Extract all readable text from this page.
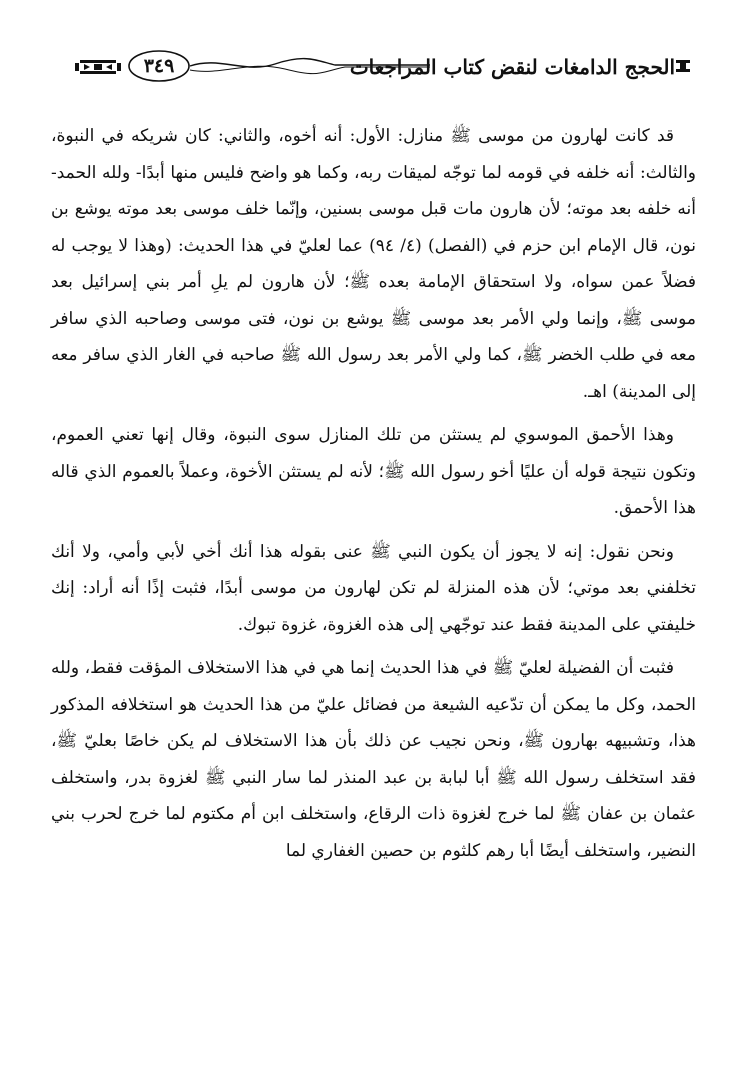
٣٤٩	الحجج الدامغات لنقض كتاب المراجعات

قد كانت لهارون من موسى ﷺ منازل: الأول: أنه أخوه، والثاني: كان شريكه في النبوة، والثالث: أنه خلفه في قومه لما توجّه لميقات ربه، وكما هو واضح فليس منها أبدًا- ولله الحمد- أنه خلفه بعد موته؛ لأن هارون مات قبل موسى بسنين، وإنّما خلف موسى بعد موته يوشع بن نون، قال الإمام ابن حزم في (الفصل) (٤/ ٩٤) عما لعليّ في هذا الحديث: (وهذا لا يوجب له فضلاً عمن سواه، ولا استحقاق الإمامة بعده ﷺ؛ لأن هارون لم يلِ أمر بني إسرائيل بعد موسى ﷺ، وإنما ولي الأمر بعد موسى ﷺ يوشع بن نون، فتى موسى وصاحبه الذي سافر معه في طلب الخضر ﷺ، كما ولي الأمر بعد رسول الله ﷺ صاحبه في الغار الذي سافر معه إلى المدينة) اهـ.

وهذا الأحمق الموسوي لم يستثن من تلك المنازل سوى النبوة، وقال إنها تعني العموم، وتكون نتيجة قوله أن عليًا أخو رسول الله ﷺ؛ لأنه لم يستثن الأخوة، وعملاً بالعموم الذي قاله هذا الأحمق.

ونحن نقول: إنه لا يجوز أن يكون النبي ﷺ عنى بقوله هذا أنك أخي لأبي وأمي، ولا أنك تخلفني بعد موتي؛ لأن هذه المنزلة لم تكن لهارون من موسى أبدًا، فثبت إذًا أنه أراد: إنك خليفتي على المدينة فقط عند توجّهي إلى هذه الغزوة، غزوة تبوك.

فثبت أن الفضيلة لعليّ ﷺ في هذا الحديث إنما هي في هذا الاستخلاف المؤقت فقط، ولله الحمد، وكل ما يمكن أن تدّعيه الشيعة من فضائل عليّ من هذا الحديث هو استخلافه المذكور هذا، وتشبيهه بهارون ﷺ، ونحن نجيب عن ذلك بأن هذا الاستخلاف لم يكن خاصًا بعليّ ﷺ، فقد استخلف رسول الله ﷺ أبا لبابة بن عبد المنذر لما سار النبي ﷺ لغزوة بدر، واستخلف عثمان بن عفان ﷺ لما خرج لغزوة ذات الرقاع، واستخلف ابن أم مكتوم لما خرج لحرب بني النضير، واستخلف أيضًا أبا رهم كلثوم بن حصين الغفاري لما
